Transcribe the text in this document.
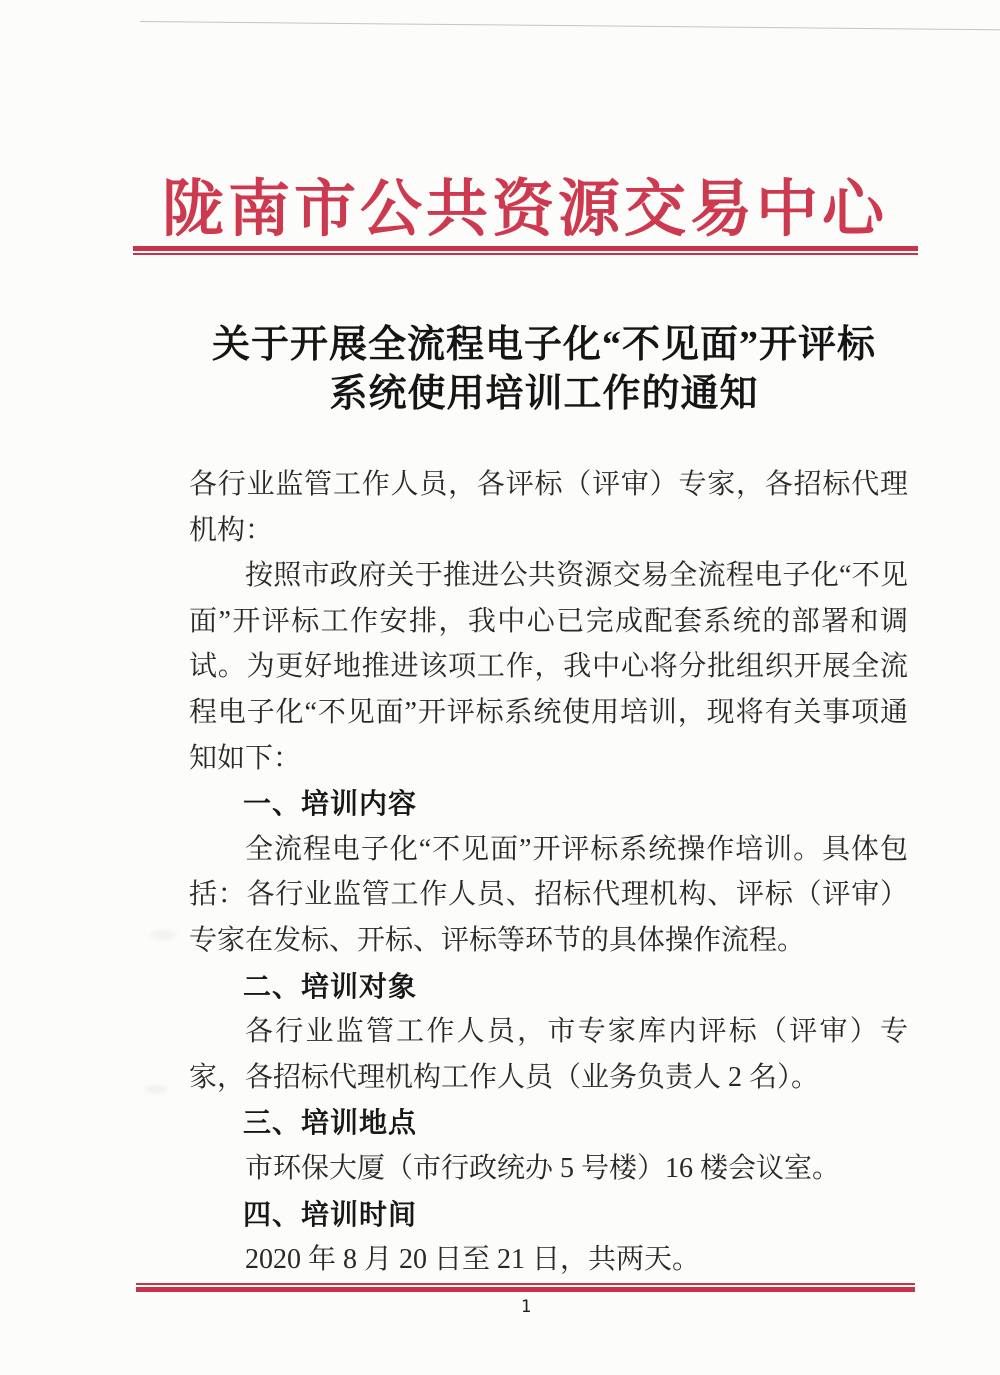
陇南市公共资源交易中心
关于开展全流程电子化“不见面”开评标
系统使用培训工作的通知

各行业监管工作人员，各评标（评审）专家，各招标代理机构：

按照市政府关于推进公共资源交易全流程电子化“不见面”开评标工作安排，我中心已完成配套系统的部署和调试。为更好地推进该项工作，我中心将分批组织开展全流程电子化“不见面”开评标系统使用培训，现将有关事项通知如下：

一、培训内容

全流程电子化“不见面”开评标系统操作培训。具体包括：各行业监管工作人员、招标代理机构、评标（评审）专家在发标、开标、评标等环节的具体操作流程。

二、培训对象

各行业监管工作人员，市专家库内评标（评审）专家，各招标代理机构工作人员（业务负责人 2 名）。

三、培训地点

市环保大厦（市行政统办 5 号楼）16 楼会议室。

四、培训时间

2020 年 8 月 20 日至 21 日，共两天。

1
